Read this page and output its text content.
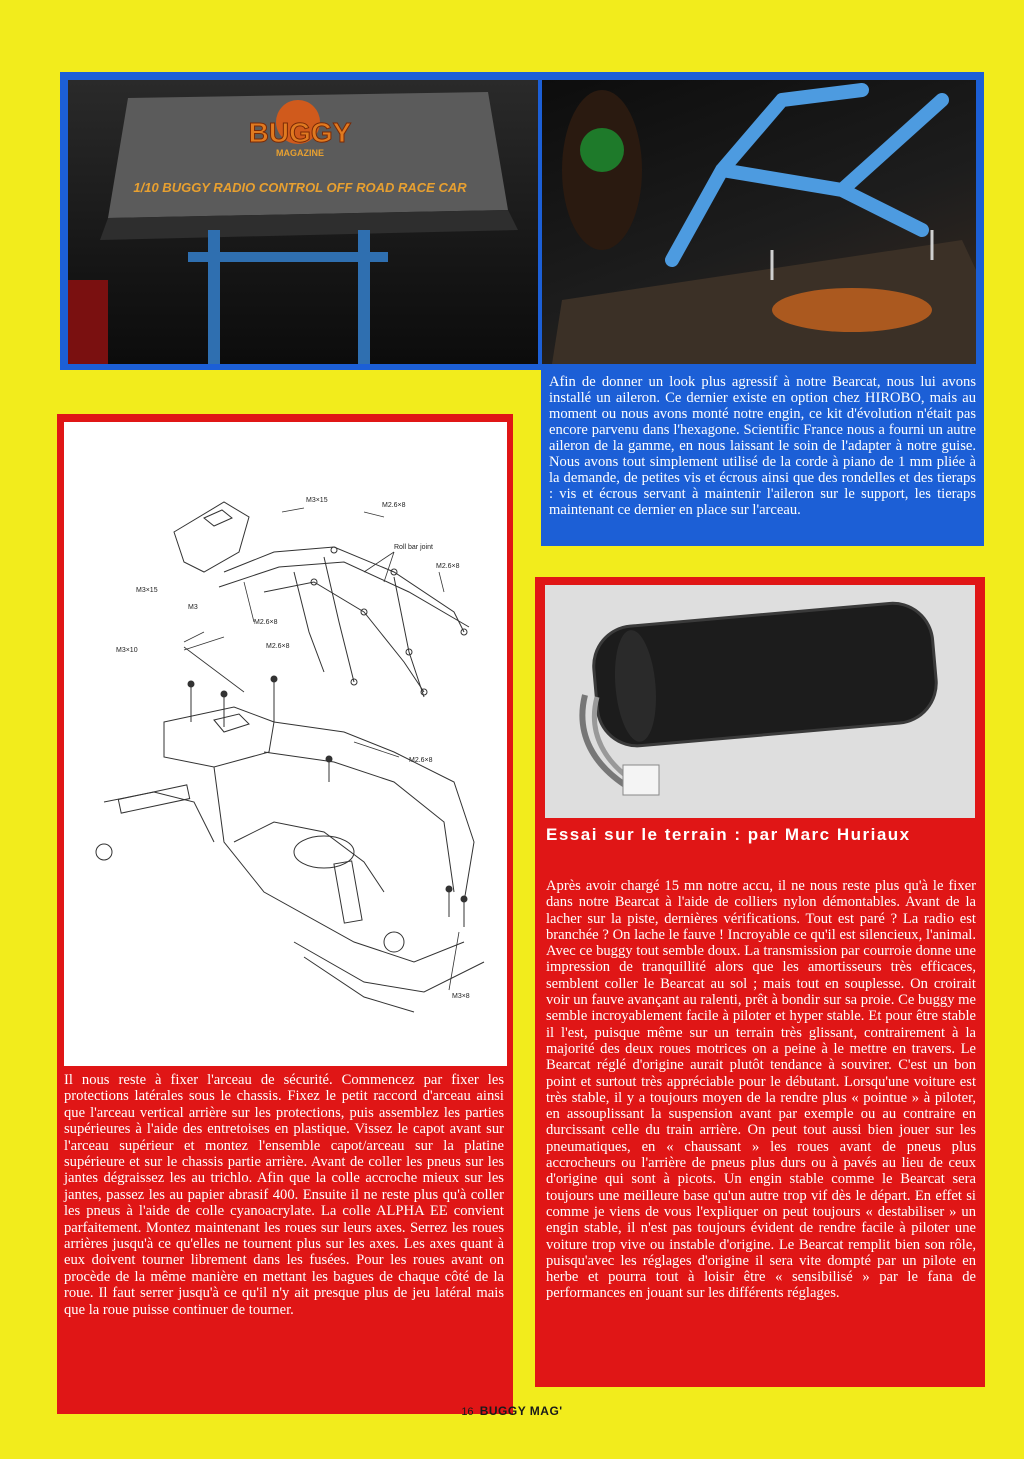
BUGGY
MAGAZINE
1/10 BUGGY RADIO CONTROL OFF ROAD RACE CAR
Afin de donner un look plus agressif à notre Bearcat, nous lui avons installé un aileron. Ce dernier existe en option chez HIROBO, mais au moment ou nous avons monté notre engin, ce kit d'évolution n'était pas encore parvenu dans l'hexagone. Scientific France nous a fourni un autre aileron de la gamme, en nous laissant le soin de l'adapter à notre guise. Nous avons tout simplement utilisé de la corde à piano de 1 mm pliée à la demande, de petites vis et écrous ainsi que des rondelles et des tieraps : vis et écrous servant à maintenir l'aileron sur le support, les tieraps maintenant ce dernier en place sur l'arceau.
M3×15
M2.6×8
Roll bar joint
M2.6×8
M3×15
M3
M2.6×8
M2.6×8
M3×10
M2.6×8
M3×8
Il nous reste à fixer l'arceau de sécurité. Commencez par fixer les protections latérales sous le chassis. Fixez le petit raccord d'arceau ainsi que l'arceau vertical arrière sur les protections, puis assemblez les parties supérieures à l'aide des entretoises en plastique. Vissez le capot avant sur l'arceau supérieur et montez l'ensemble capot/arceau sur la platine supérieure et sur le chassis partie arrière. Avant de coller les pneus sur les jantes dégraissez les au trichlo. Afin que la colle accroche mieux sur les jantes, passez les au papier abrasif 400. Ensuite il ne reste plus qu'à coller les pneus à l'aide de colle cyanoacrylate. La colle ALPHA EE convient parfaitement. Montez maintenant les roues sur leurs axes. Serrez les roues arrières jusqu'à ce qu'elles ne tournent plus sur les axes. Les axes quant à eux doivent tourner librement dans les fusées. Pour les roues avant on procède de la même manière en mettant les bagues de chaque côté de la roue. Il faut serrer jusqu'à ce qu'il n'y ait presque plus de jeu latéral mais que la roue puisse continuer de tourner.
Essai sur le terrain : par Marc Huriaux
Après avoir chargé 15 mn notre accu, il ne nous reste plus qu'à le fixer dans notre Bearcat à l'aide de colliers nylon démontables. Avant de la lacher sur la piste, dernières vérifications. Tout est paré ? La radio est branchée ? On lache le fauve ! Incroyable ce qu'il est silencieux, l'animal. Avec ce buggy tout semble doux. La transmission par courroie donne une impression de tranquillité alors que les amortisseurs très efficaces, semblent coller le Bearcat au sol ; mais tout en souplesse. On croirait voir un fauve avançant au ralenti, prêt à bondir sur sa proie. Ce buggy me semble incroyablement facile à piloter et hyper stable. Et pour être stable il l'est, puisque même sur un terrain très glissant, contrairement à la majorité des deux roues motrices on a peine à le mettre en travers. Le Bearcat réglé d'origine aurait plutôt tendance à souvirer. C'est un bon point et surtout très appréciable pour le débutant. Lorsqu'une voiture est très stable, il y a toujours moyen de la rendre plus « pointue » à piloter, en assouplissant la suspension avant par exemple ou au contraire en durcissant celle du train arrière. On peut tout aussi bien jouer sur les pneumatiques, en « chaussant » les roues avant de pneus plus accrocheurs ou l'arrière de pneus plus durs ou à pavés au lieu de ceux d'origine qui sont à picots. Un engin stable comme le Bearcat sera toujours une meilleure base qu'un autre trop vif dès le départ. En effet si comme je viens de vous l'expliquer on peut toujours « destabiliser » un engin stable, il n'est pas toujours évident de rendre facile à piloter une voiture trop vive ou instable d'origine. Le Bearcat remplit bien son rôle, puisqu'avec les réglages d'origine il sera vite dompté par un pilote en herbe et pourra tout à loisir être « sensibilisé » par le fana de performances en jouant sur les différents réglages.
16 BUGGY MAG'
